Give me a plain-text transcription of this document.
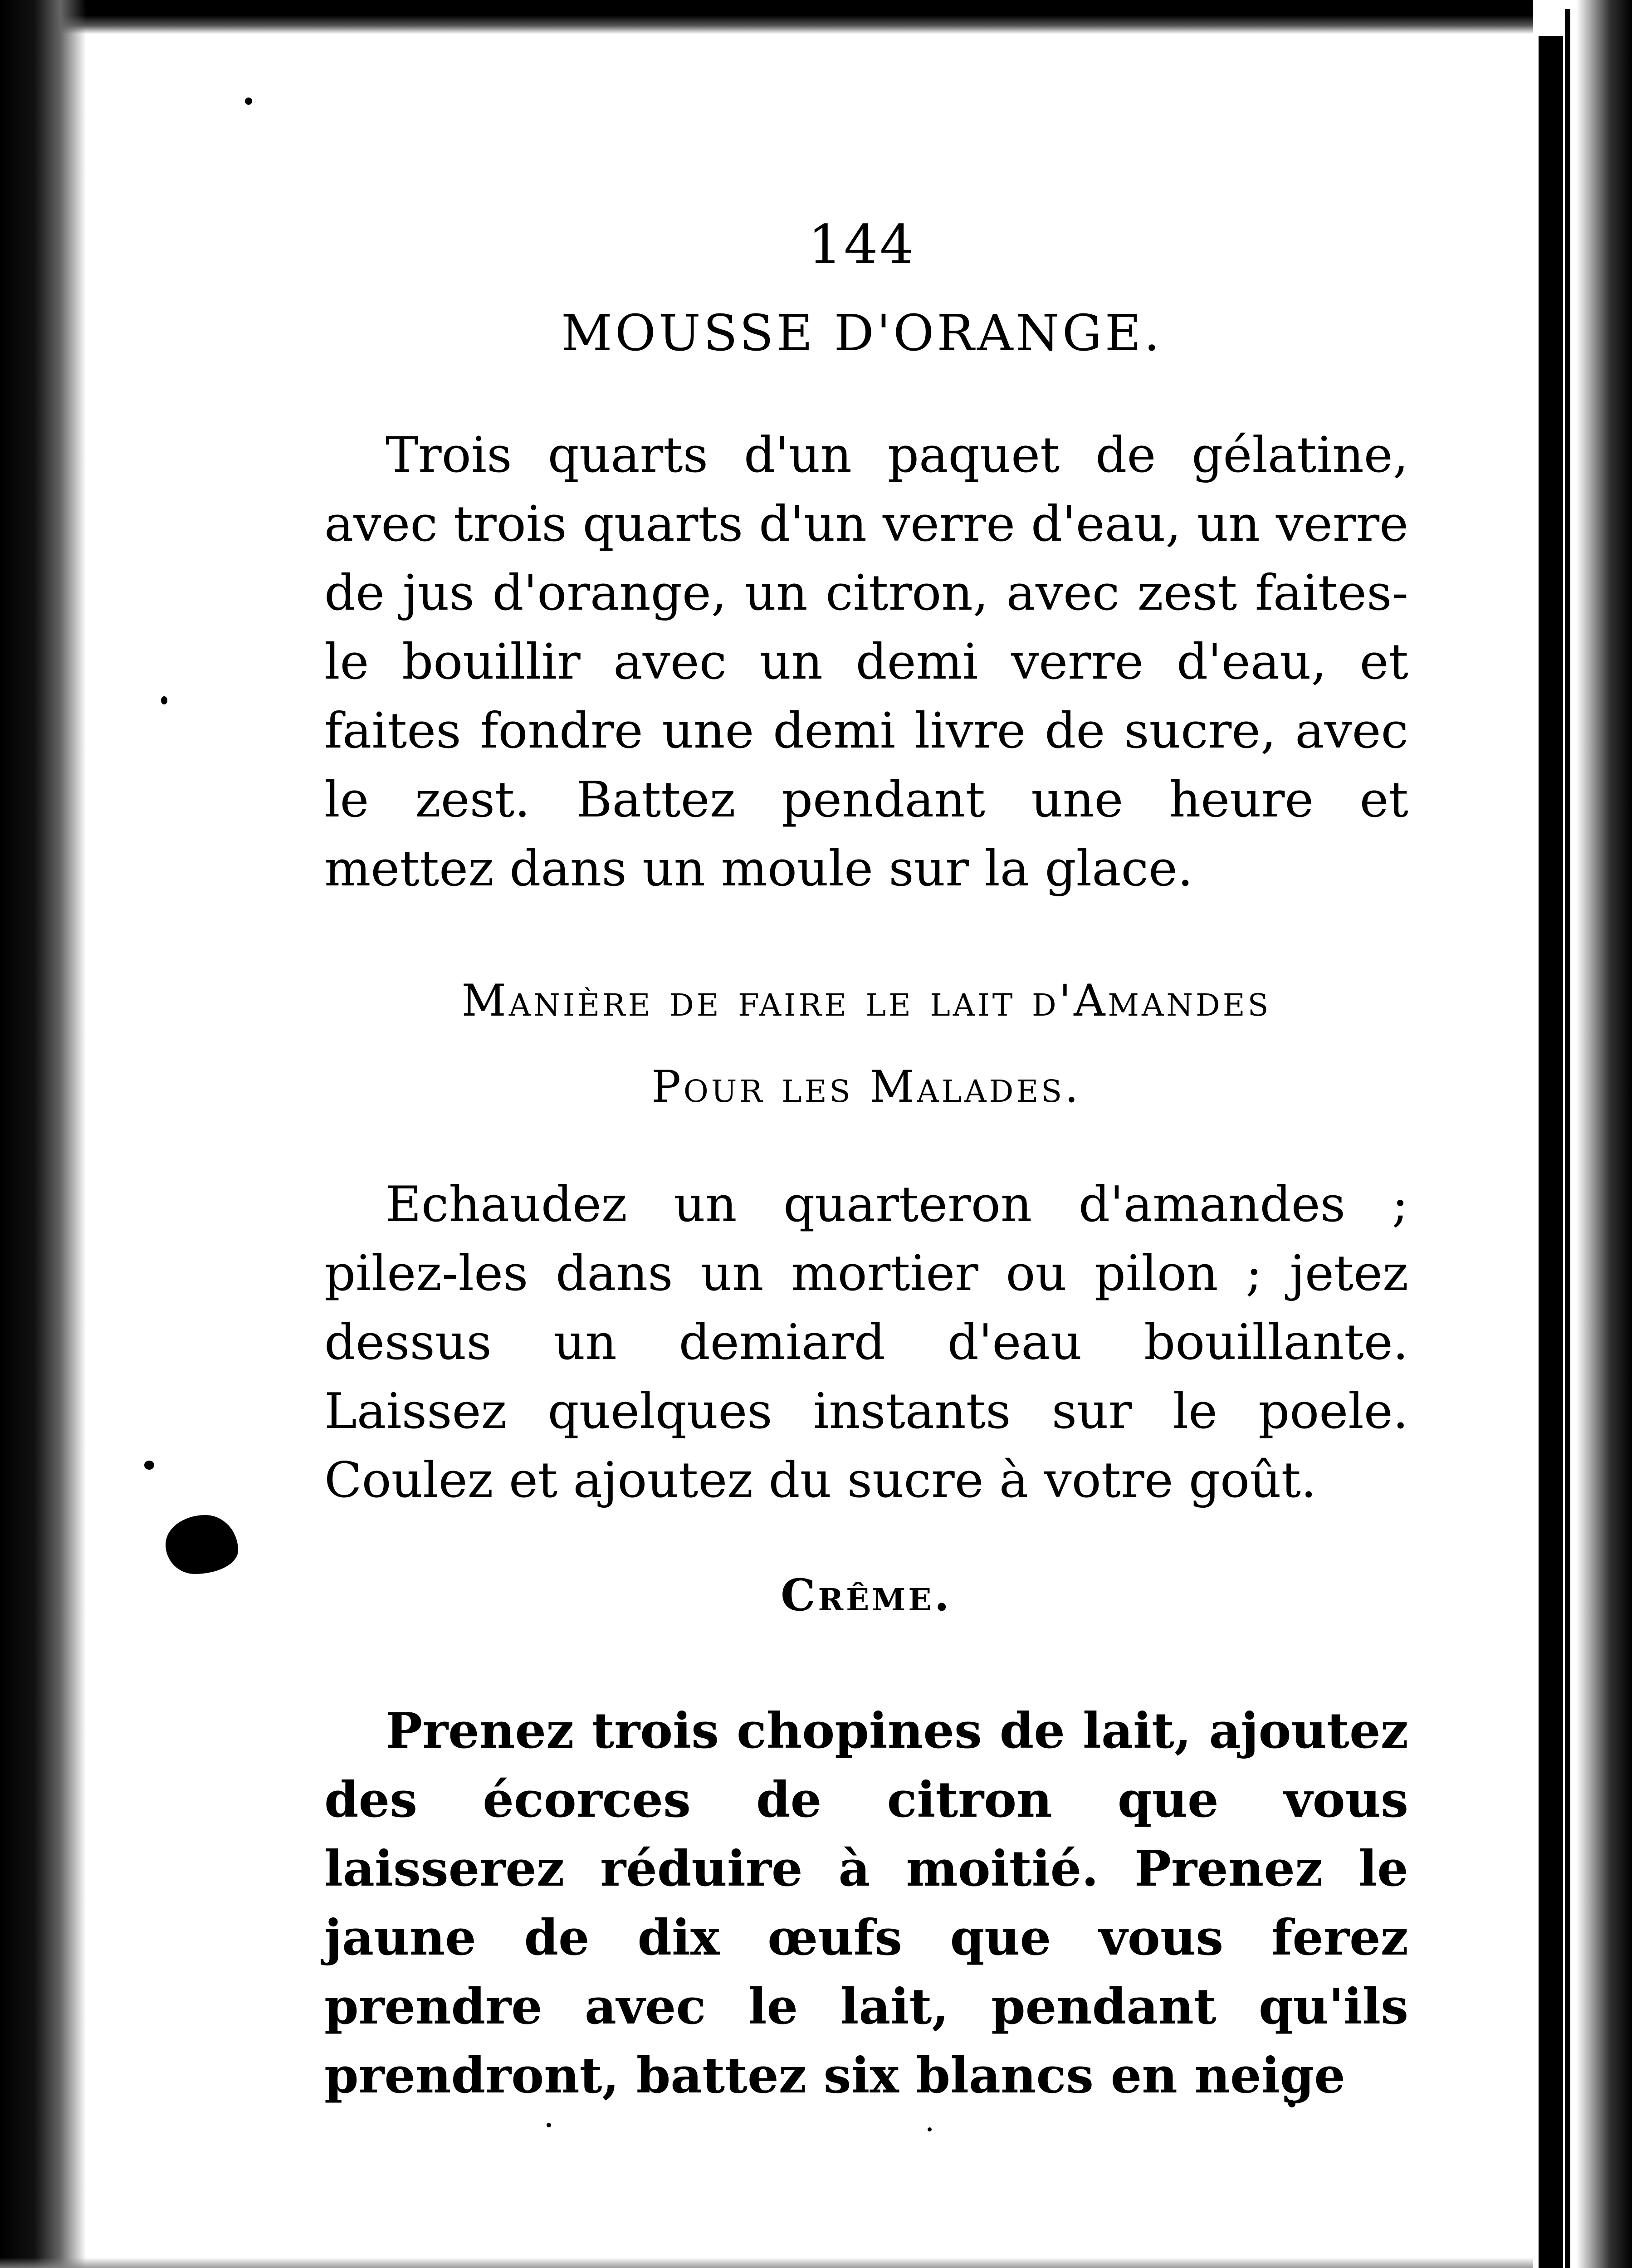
144
MOUSSE D'ORANGE.

Trois quarts d'un paquet de gélatine, avec trois quarts d'un verre d'eau, un verre de jus d'orange, un citron, avec zest faites-le bouillir avec un demi verre d'eau, et faites fondre une demi livre de sucre, avec le zest. Battez pendant une heure et mettez dans un moule sur la glace.

Manière de faire le lait d'Amandes
Pour les Malades.

Echaudez un quarteron d'amandes ; pilez-les dans un mortier ou pilon ; jetez dessus un demiard d'eau bouillante. Laissez quelques instants sur le poele. Coulez et ajoutez du sucre à votre goût.

Crême.

Prenez trois chopines de lait, ajoutez des écorces de citron que vous laisserez réduire à moitié. Prenez le jaune de dix œufs que vous ferez prendre avec le lait, pendant qu'ils prendront, battez six blancs en neige
